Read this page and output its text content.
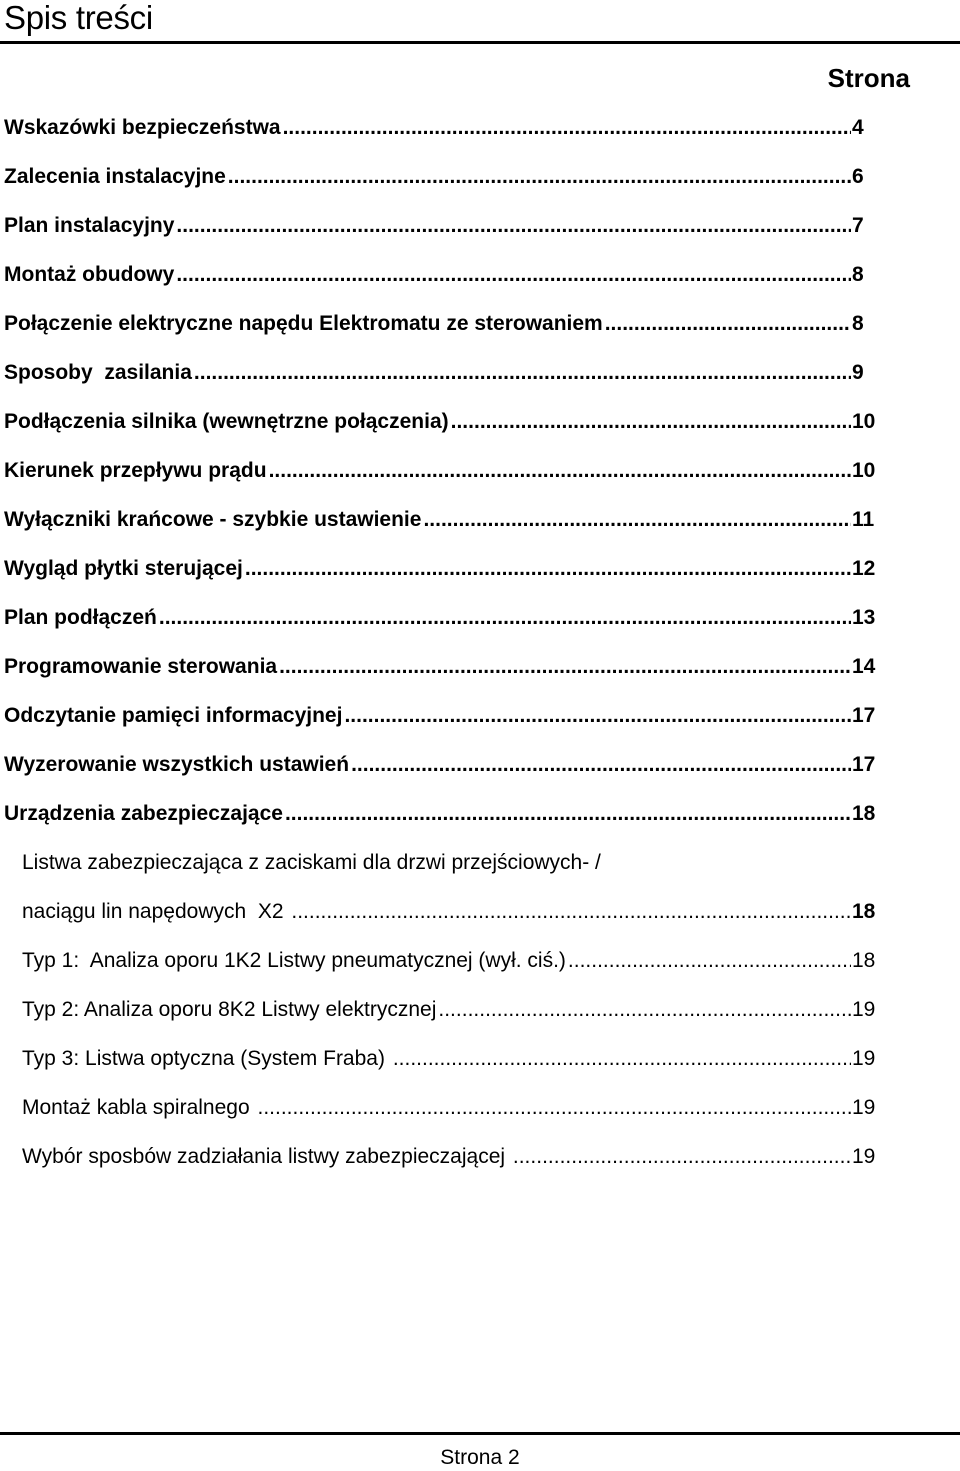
Spis treści
Strona
Wskazówki bezpieczeństwa .....	4
Zalecenia instalacyjne .....	6
Plan instalacyjny .....	7
Montaż obudowy .....	8
Połączenie elektryczne napędu Elektromatu ze sterowaniem .....	8
Sposoby  zasilania .....	9
Podłączenia silnika (wewnętrzne połączenia) .....	10
Kierunek przepływu prądu .....	10
Wyłączniki krańcowe - szybkie ustawienie .....	11
Wygląd płytki sterującej .....	12
Plan podłączeń .....	13
Programowanie sterowania .....	14
Odczytanie pamięci informacyjnej .....	17
Wyzerowanie wszystkich ustawień .....	17
Urządzenia zabezpieczające .....	18
Listwa zabezpieczająca z zaciskami dla drzwi przejściowych- /
naciągu lin napędowych  X2 .....	18
Typ 1:  Analiza oporu 1K2 Listwy pneumatycznej (wył. ciś.) .....	18
Typ 2: Analiza oporu 8K2 Listwy elektrycznej .....	19
Typ 3: Listwa optyczna (System Fraba) .....	19
Montaż kabla spiralnego .....	19
Wybór sposbów zadziałania listwy zabezpieczającej .....	19
Strona 2
